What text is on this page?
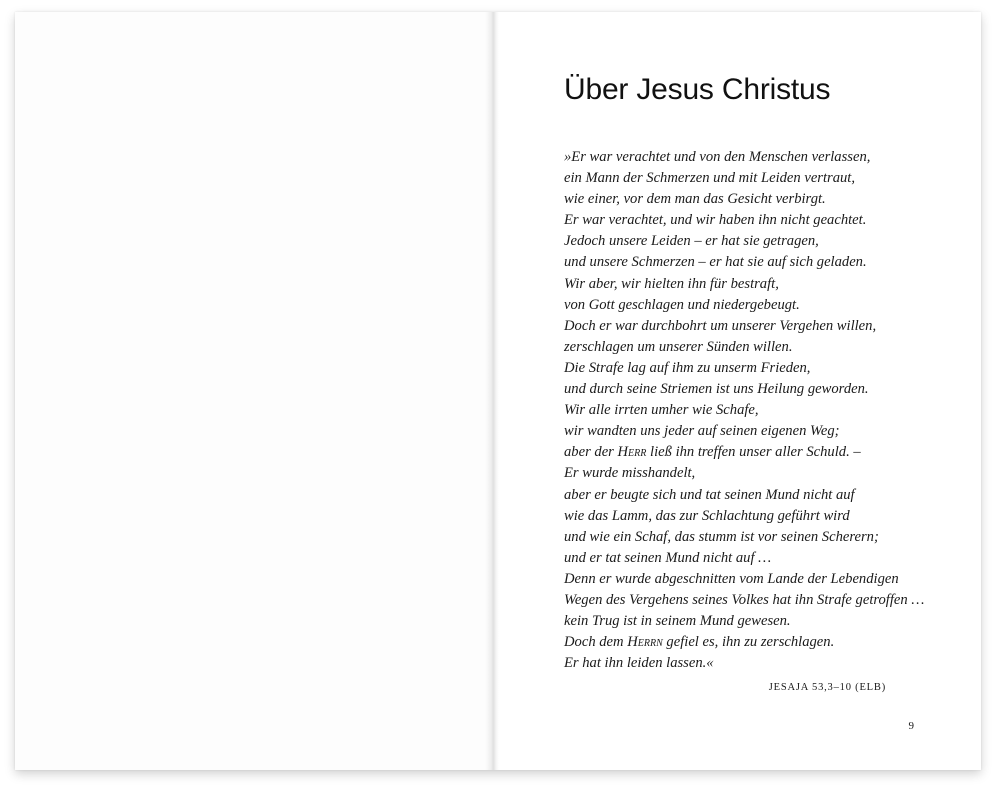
Über Jesus Christus
»Er war verachtet und von den Menschen verlassen,
ein Mann der Schmerzen und mit Leiden vertraut,
wie einer, vor dem man das Gesicht verbirgt.
Er war verachtet, und wir haben ihn nicht geachtet.
Jedoch unsere Leiden – er hat sie getragen,
und unsere Schmerzen – er hat sie auf sich geladen.
Wir aber, wir hielten ihn für bestraft,
von Gott geschlagen und niedergebeugt.
Doch er war durchbohrt um unserer Vergehen willen,
zerschlagen um unserer Sünden willen.
Die Strafe lag auf ihm zu unserm Frieden,
und durch seine Striemen ist uns Heilung geworden.
Wir alle irrten umher wie Schafe,
wir wandten uns jeder auf seinen eigenen Weg;
aber der Herr ließ ihn treffen unser aller Schuld. –
Er wurde misshandelt,
aber er beugte sich und tat seinen Mund nicht auf
wie das Lamm, das zur Schlachtung geführt wird
und wie ein Schaf, das stumm ist vor seinen Scherern;
und er tat seinen Mund nicht auf …
Denn er wurde abgeschnitten vom Lande der Lebendigen
Wegen des Vergehens seines Volkes hat ihn Strafe getroffen …
kein Trug ist in seinem Mund gewesen.
Doch dem Herrn gefiel es, ihn zu zerschlagen.
Er hat ihn leiden lassen.«
JESAJA 53,3–10 (ELB)
9
